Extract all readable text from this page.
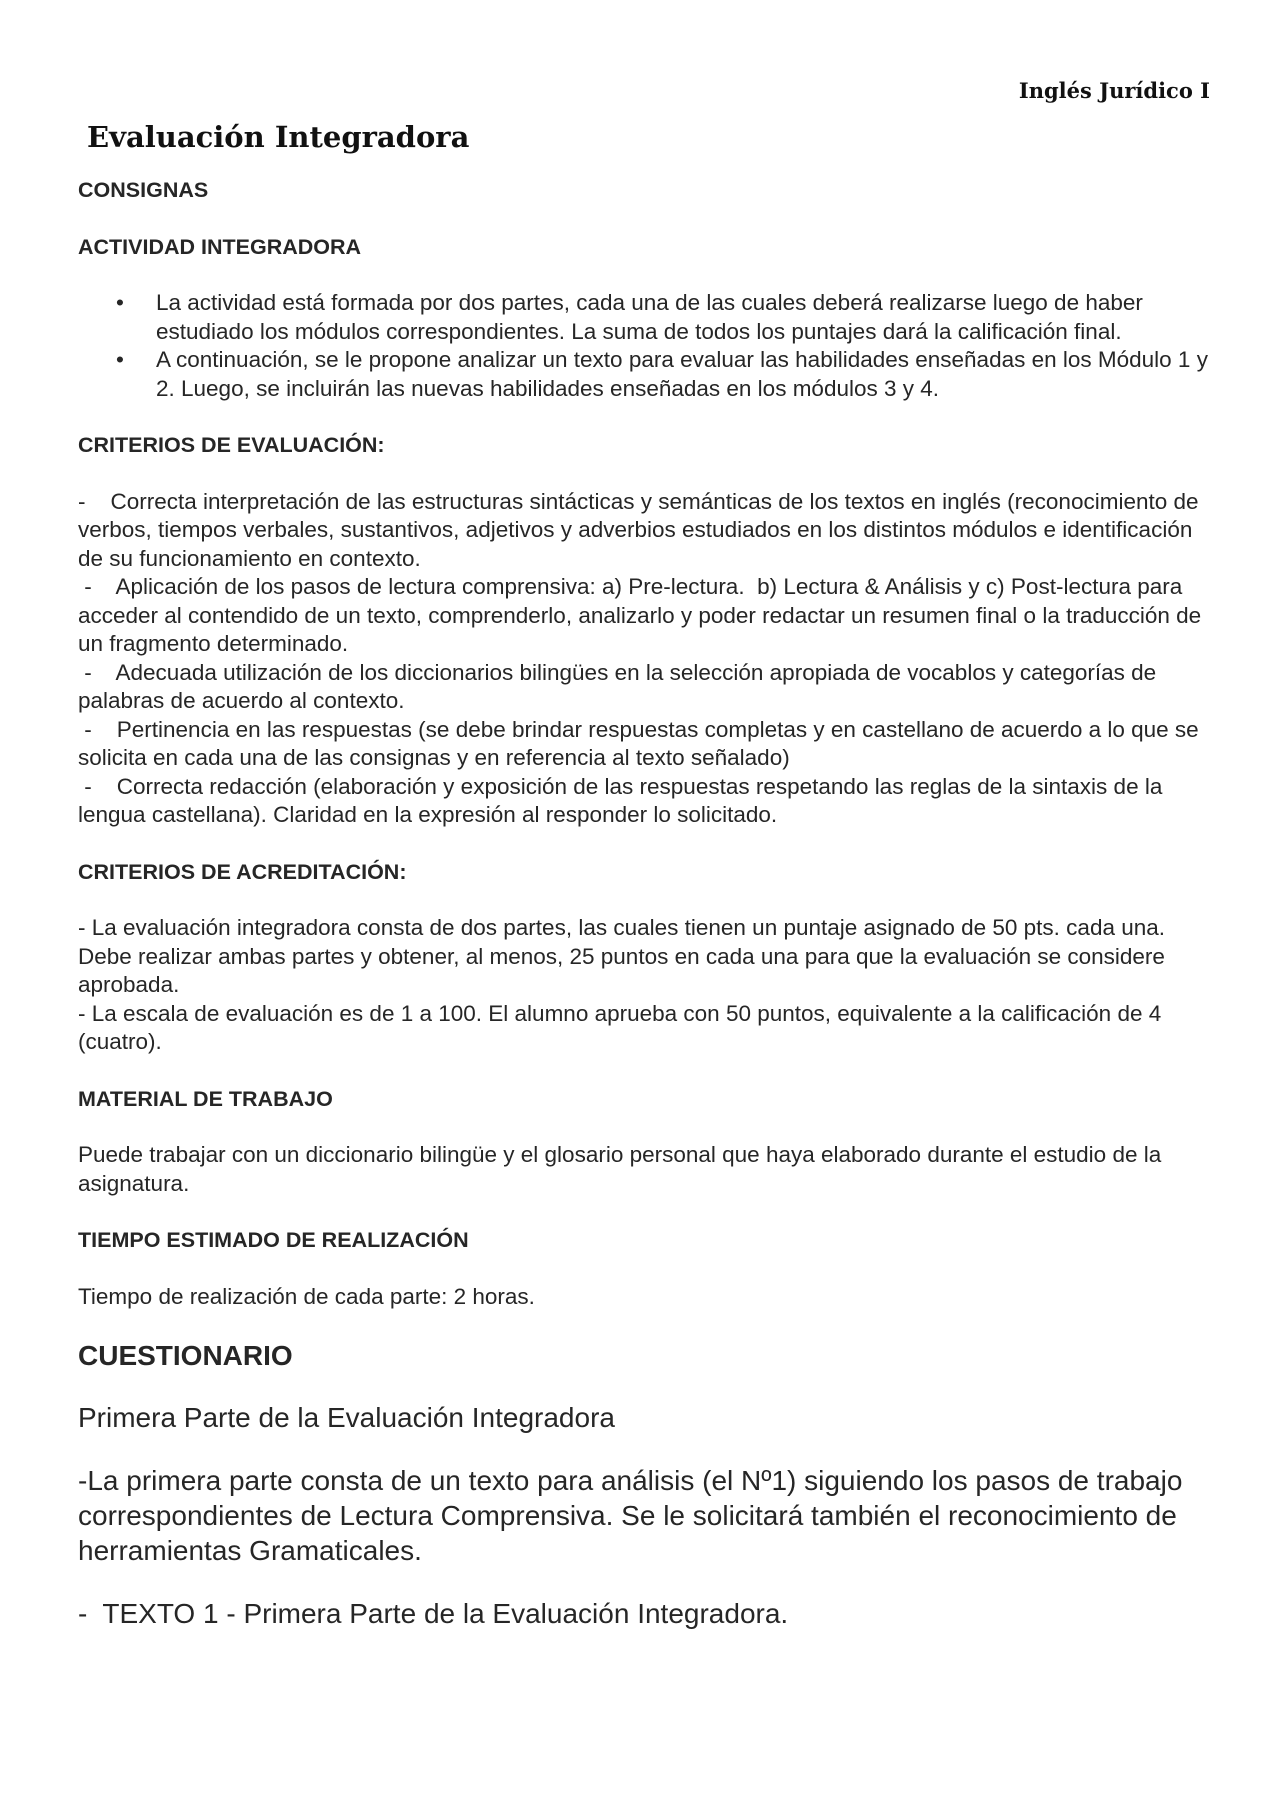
Inglés Jurídico I
Evaluación Integradora
CONSIGNAS
ACTIVIDAD INTEGRADORA
• La actividad está formada por dos partes, cada una de las cuales deberá realizarse luego de haber estudiado los módulos correspondientes. La suma de todos los puntajes dará la calificación final.
• A continuación, se le propone analizar un texto para evaluar las habilidades enseñadas en los Módulo 1 y 2. Luego, se incluirán las nuevas habilidades enseñadas en los módulos 3 y 4.
CRITERIOS DE EVALUACIÓN:

-    Correcta interpretación de las estructuras sintácticas y semánticas de los textos en inglés (reconocimiento de verbos, tiempos verbales, sustantivos, adjetivos y adverbios estudiados en los distintos módulos e identificación de su funcionamiento en contexto.

-    Aplicación de los pasos de lectura comprensiva: a) Pre-lectura.  b) Lectura & Análisis y c) Post-lectura para acceder al contendido de un texto, comprenderlo, analizarlo y poder redactar un resumen final o la traducción de un fragmento determinado.

-    Adecuada utilización de los diccionarios bilingües en la selección apropiada de vocablos y categorías de palabras de acuerdo al contexto.

-    Pertinencia en las respuestas (se debe brindar respuestas completas y en castellano de acuerdo a lo que se solicita en cada una de las consignas y en referencia al texto señalado)

-    Correcta redacción (elaboración y exposición de las respuestas respetando las reglas de la sintaxis de la lengua castellana). Claridad en la expresión al responder lo solicitado.

CRITERIOS DE ACREDITACIÓN:

- La evaluación integradora consta de dos partes, las cuales tienen un puntaje asignado de 50 pts. cada una. Debe realizar ambas partes y obtener, al menos, 25 puntos en cada una para que la evaluación se considere aprobada.

- La escala de evaluación es de 1 a 100. El alumno aprueba con 50 puntos, equivalente a la calificación de 4 (cuatro).

MATERIAL DE TRABAJO
Puede trabajar con un diccionario bilingüe y el glosario personal que haya elaborado durante el estudio de la asignatura.
TIEMPO ESTIMADO DE REALIZACIÓN
Tiempo de realización de cada parte: 2 horas.
CUESTIONARIO
Primera Parte de la Evaluación Integradora
-La primera parte consta de un texto para análisis (el Nº1) siguiendo los pasos de trabajo correspondientes de Lectura Comprensiva. Se le solicitará también el reconocimiento de herramientas Gramaticales.
-  TEXTO 1 - Primera Parte de la Evaluación Integradora.
